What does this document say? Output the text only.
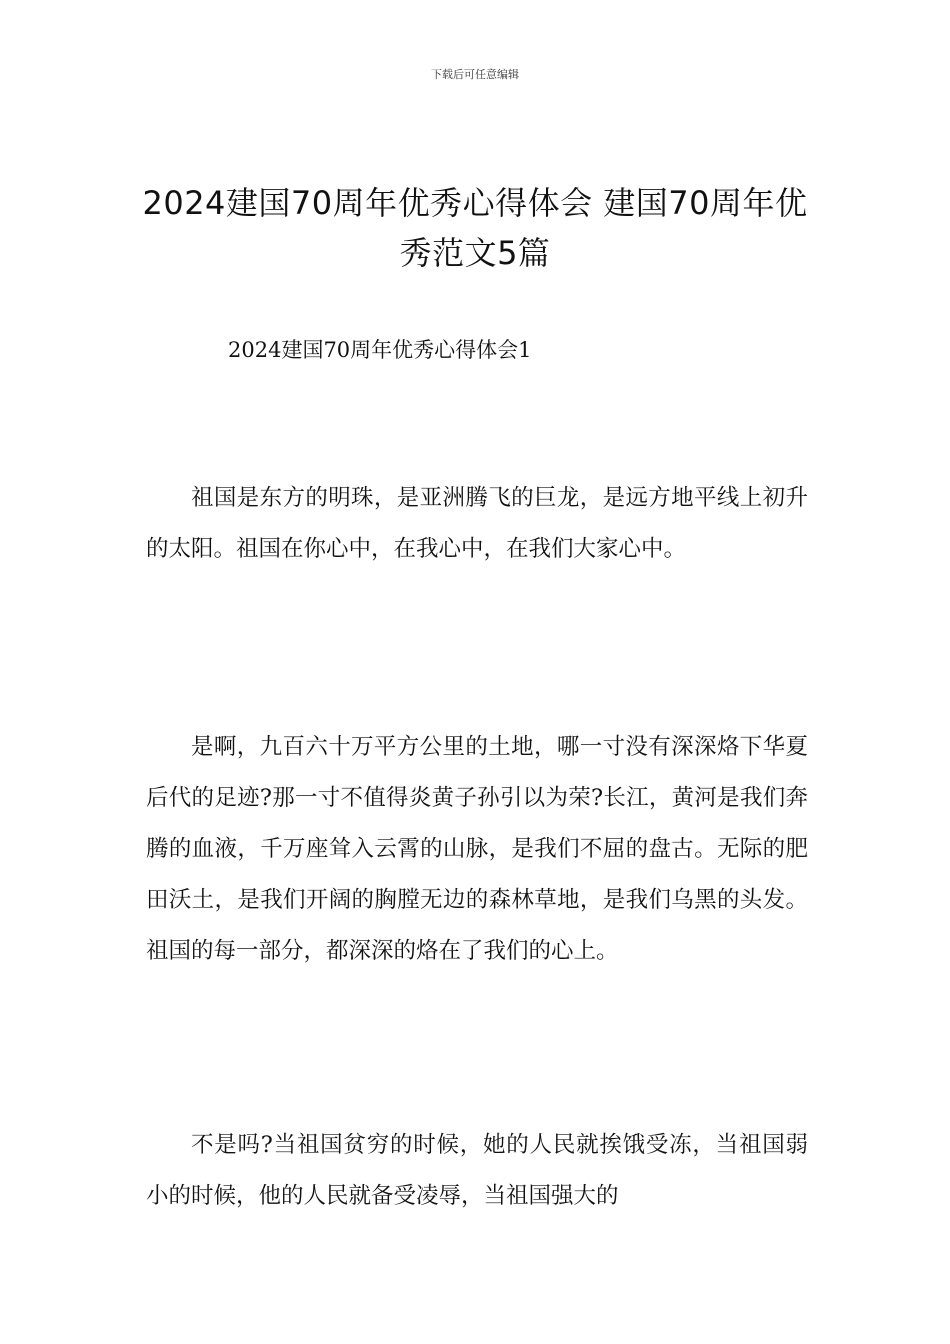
下载后可任意编辑
2024建国70周年优秀心得体会 建国70周年优秀范文5篇
2024建国70周年优秀心得体会1

祖国是东方的明珠，是亚洲腾飞的巨龙，是远方地平线上初升的太阳。祖国在你心中，在我心中，在我们大家心中。

是啊，九百六十万平方公里的土地，哪一寸没有深深烙下华夏后代的足迹?那一寸不值得炎黄子孙引以为荣?长江，黄河是我们奔腾的血液，千万座耸入云霄的山脉，是我们不屈的盘古。无际的肥田沃土，是我们开阔的胸膛无边的森林草地，是我们乌黑的头发。祖国的每一部分，都深深的烙在了我们的心上。

不是吗?当祖国贫穷的时候，她的人民就挨饿受冻，当祖国弱小的时候，他的人民就备受凌辱，当祖国强大的
